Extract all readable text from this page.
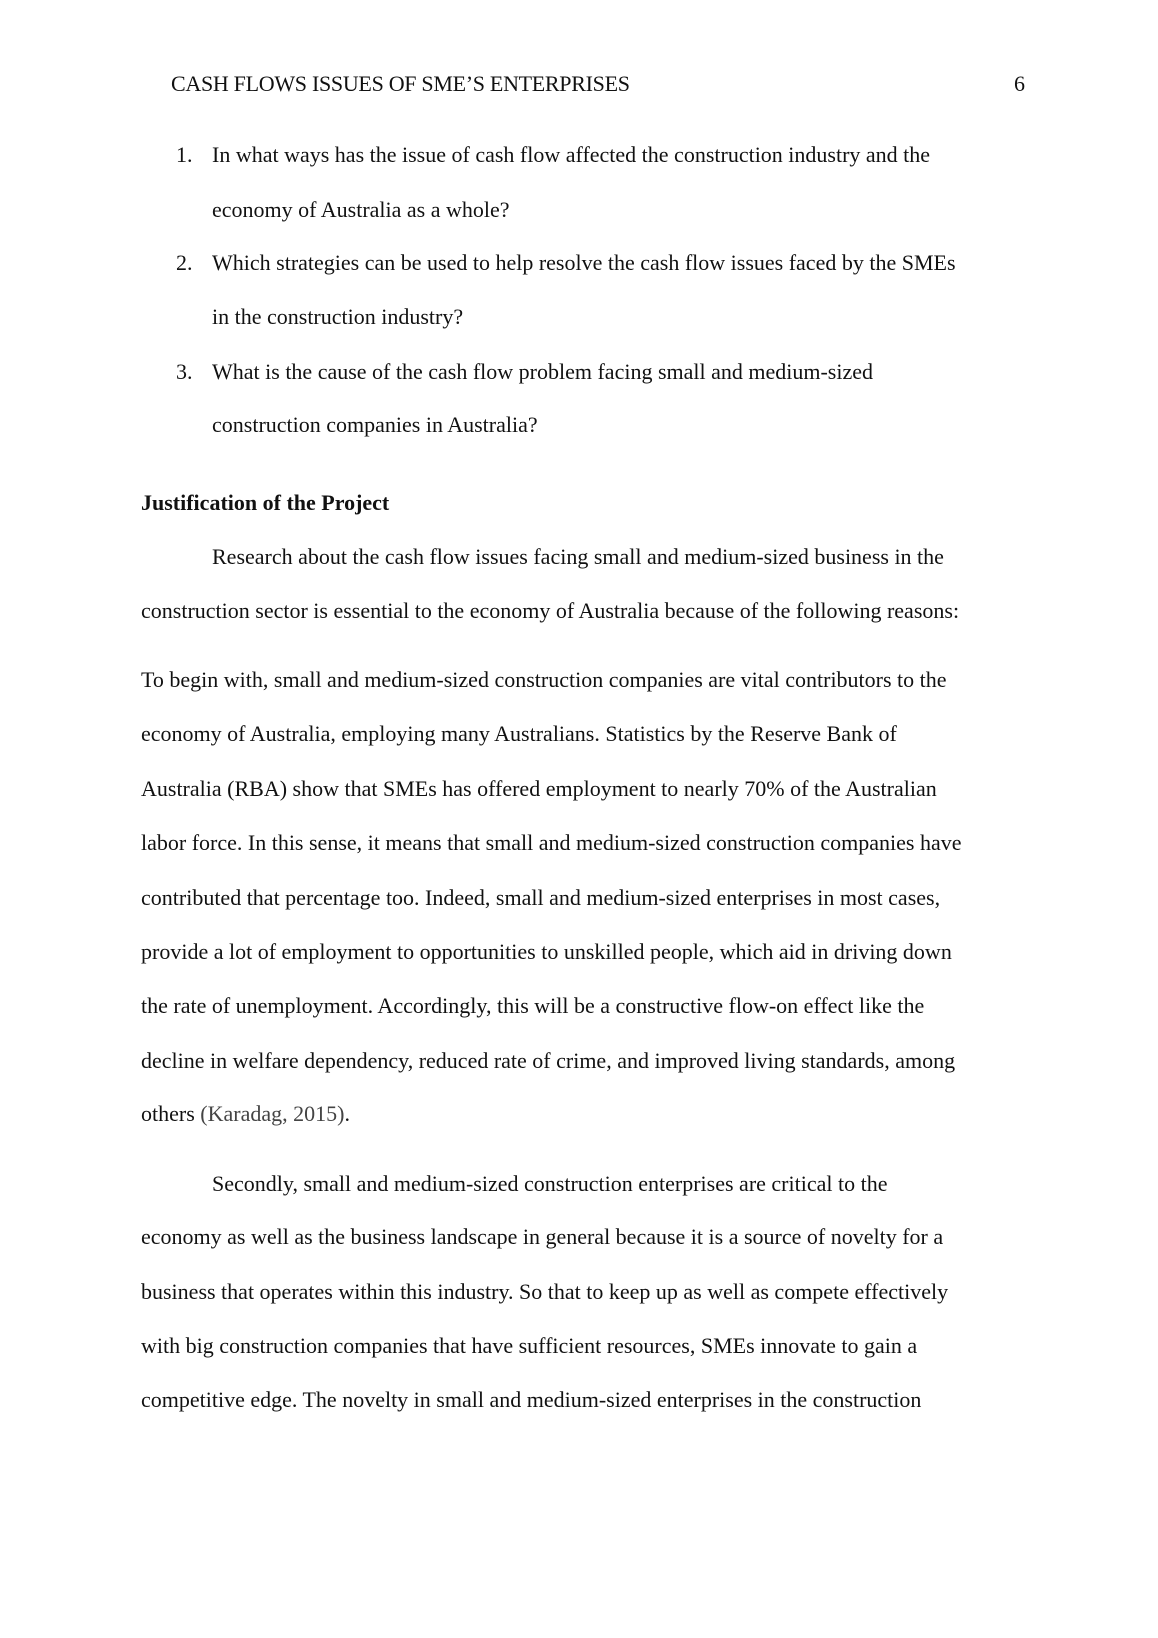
CASH FLOWS ISSUES OF SME’S ENTERPRISES	6
1. In what ways has the issue of cash flow affected the construction industry and the
economy of Australia as a whole?
2. Which strategies can be used to help resolve the cash flow issues faced by the SMEs
in the construction industry?
3. What is the cause of the cash flow problem facing small and medium-sized
construction companies in Australia?
Justification of the Project
Research about the cash flow issues facing small and medium-sized business in the
construction sector is essential to the economy of Australia because of the following reasons:
To begin with, small and medium-sized construction companies are vital contributors to the
economy of Australia, employing many Australians. Statistics by the Reserve Bank of
Australia (RBA) show that SMEs has offered employment to nearly 70% of the Australian
labor force. In this sense, it means that small and medium-sized construction companies have
contributed that percentage too. Indeed, small and medium-sized enterprises in most cases,
provide a lot of employment to opportunities to unskilled people, which aid in driving down
the rate of unemployment. Accordingly, this will be a constructive flow-on effect like the
decline in welfare dependency, reduced rate of crime, and improved living standards, among
others (Karadag, 2015).
Secondly, small and medium-sized construction enterprises are critical to the
economy as well as the business landscape in general because it is a source of novelty for a
business that operates within this industry. So that to keep up as well as compete effectively
with big construction companies that have sufficient resources, SMEs innovate to gain a
competitive edge. The novelty in small and medium-sized enterprises in the construction
